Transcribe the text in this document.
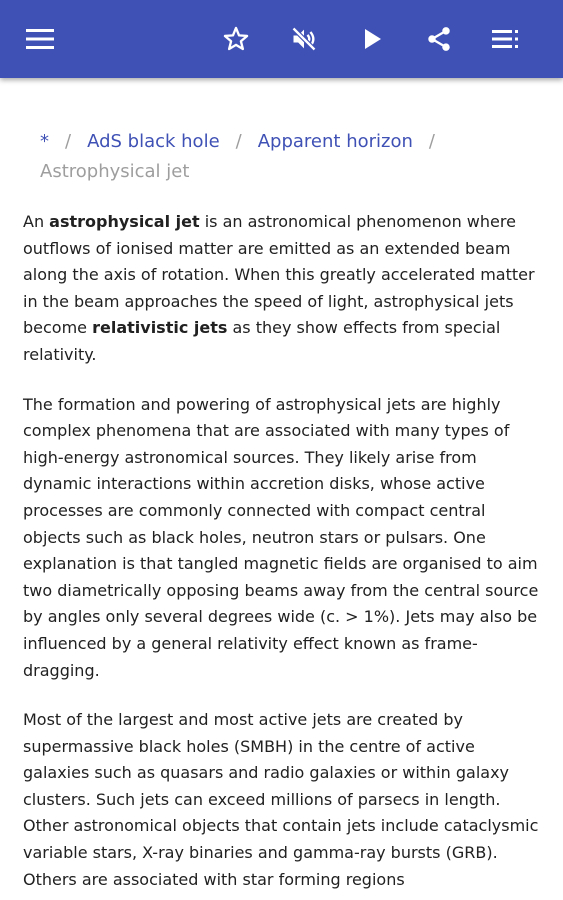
* / AdS black hole / Apparent horizon /
Astrophysical jet

An astrophysical jet is an astronomical phenomenon where outflows of ionised matter are emitted as an extended beam along the axis of rotation. When this greatly accelerated matter in the beam approaches the speed of light, astrophysical jets become relativistic jets as they show effects from special relativity.

The formation and powering of astrophysical jets are highly complex phenomena that are associated with many types of high-energy astronomical sources. They likely arise from dynamic interactions within accretion disks, whose active processes are commonly connected with compact central objects such as black holes, neutron stars or pulsars. One explanation is that tangled magnetic fields are organised to aim two diametrically opposing beams away from the central source by angles only several degrees wide (c. > 1%). Jets may also be influenced by a general relativity effect known as frame-dragging.

Most of the largest and most active jets are created by supermassive black holes (SMBH) in the centre of active galaxies such as quasars and radio galaxies or within galaxy clusters. Such jets can exceed millions of parsecs in length. Other astronomical objects that contain jets include cataclysmic variable stars, X-ray binaries and gamma-ray bursts (GRB). Others are associated with star forming regions
